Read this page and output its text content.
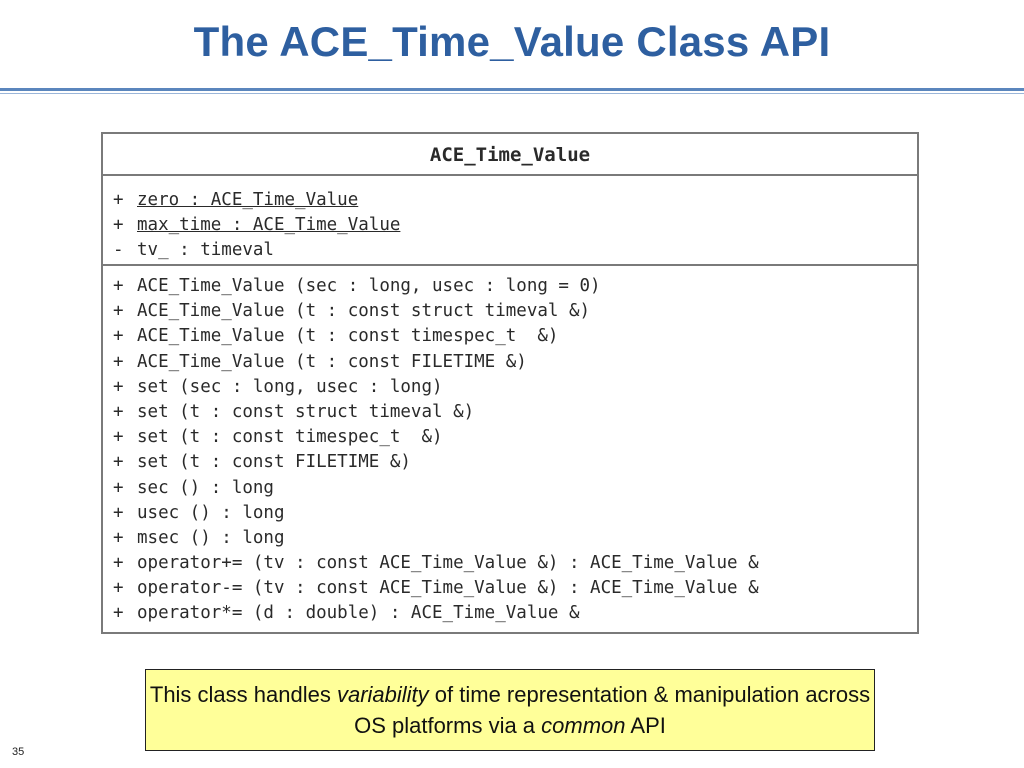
The ACE_Time_Value Class API
ACE_Time_Value
+ zero : ACE_Time_Value
+ max_time : ACE_Time_Value
- tv_ : timeval
+ ACE_Time_Value (sec : long, usec : long = 0)
+ ACE_Time_Value (t : const struct timeval &)
+ ACE_Time_Value (t : const timespec_t  &)
+ ACE_Time_Value (t : const FILETIME &)
+ set (sec : long, usec : long)
+ set (t : const struct timeval &)
+ set (t : const timespec_t  &)
+ set (t : const FILETIME &)
+ sec () : long
+ usec () : long
+ msec () : long
+ operator+= (tv : const ACE_Time_Value &) : ACE_Time_Value &
+ operator-= (tv : const ACE_Time_Value &) : ACE_Time_Value &
+ operator*= (d : double) : ACE_Time_Value &
This class handles variability of time representation & manipulation across OS platforms via a common API
35
